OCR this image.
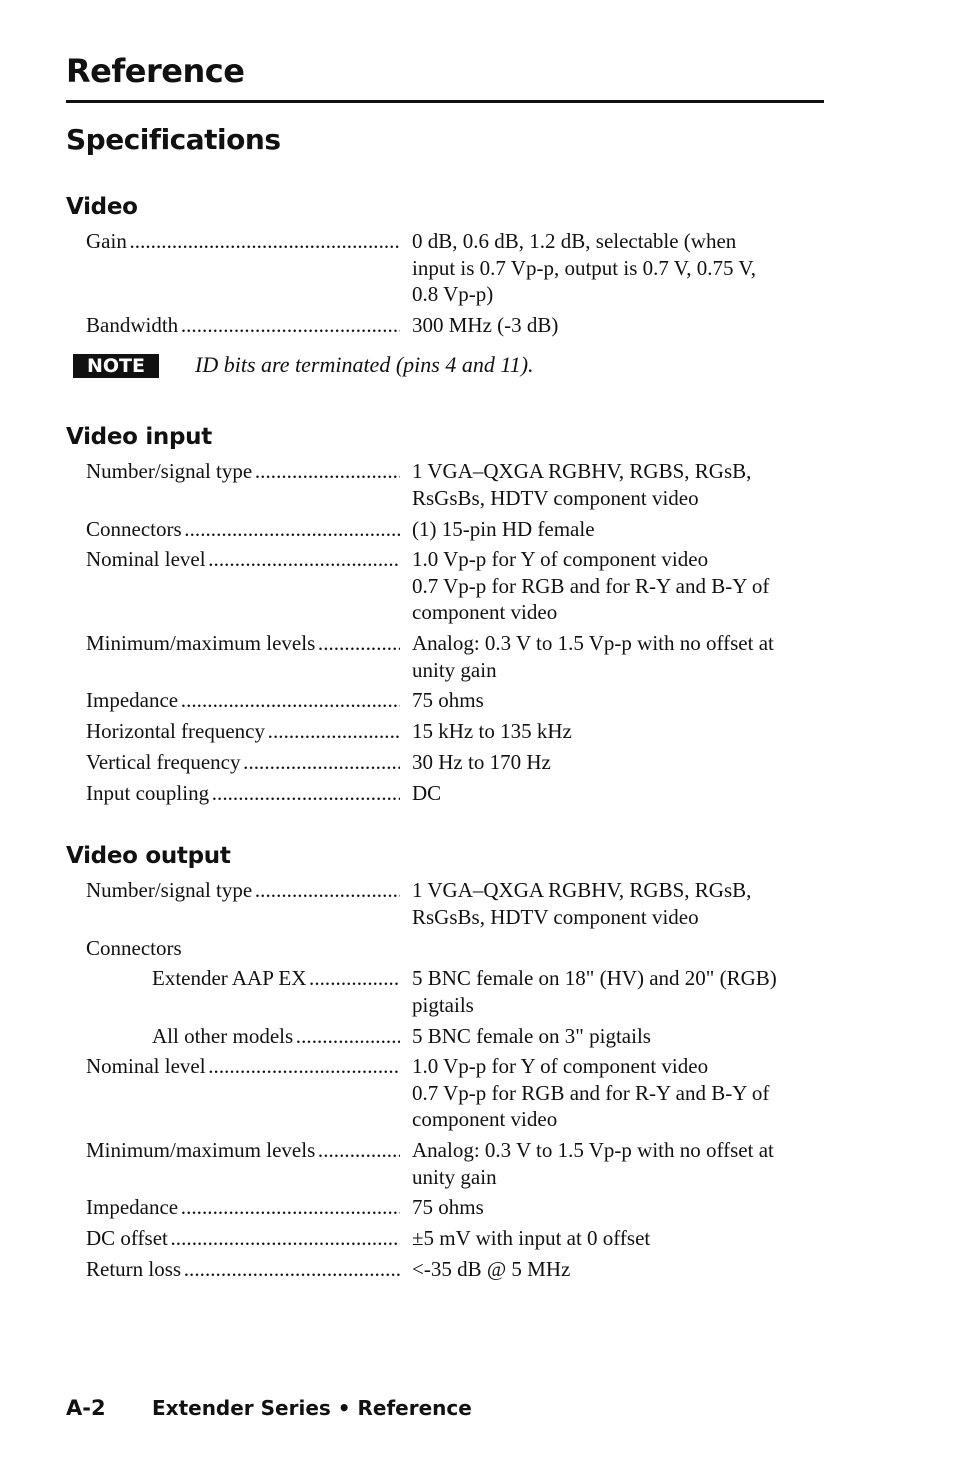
Reference
Specifications
Video
Gain . . .	0 dB, 0.6 dB, 1.2 dB, selectable (when
input is 0.7 Vp-p, output is 0.7 V, 0.75 V,
0.8 Vp-p)
Bandwidth . . .	300 MHz (-3 dB)
NOTE	ID bits are terminated (pins 4 and 11).
Video input
Number/signal type . . .	1 VGA–QXGA RGBHV, RGBS, RGsB,
RsGsBs, HDTV component video
Connectors . . .	(1) 15-pin HD female
Nominal level . . .	1.0 Vp-p for Y of component video
0.7 Vp-p for RGB and for R-Y and B-Y of
component video
Minimum/maximum levels . . .	Analog: 0.3 V to 1.5 Vp-p with no offset at
unity gain
Impedance . . .	75 ohms
Horizontal frequency . . .	15 kHz to 135 kHz
Vertical frequency . . .	30 Hz to 170 Hz
Input coupling . . .	DC
Video output
Number/signal type . . .	1 VGA–QXGA RGBHV, RGBS, RGsB,
RsGsBs, HDTV component video
Connectors
Extender AAP EX . . .	5 BNC female on 18" (HV) and 20" (RGB)
pigtails
All other models . . .	5 BNC female on 3" pigtails
Nominal level . . .	1.0 Vp-p for Y of component video
0.7 Vp-p for RGB and for R-Y and B-Y of
component video
Minimum/maximum levels . . .	Analog: 0.3 V to 1.5 Vp-p with no offset at
unity gain
Impedance . . .	75 ohms
DC offset . . .	±5 mV with input at 0 offset
Return loss . . .	<-35 dB @ 5 MHz
A-2 Extender Series • Reference
